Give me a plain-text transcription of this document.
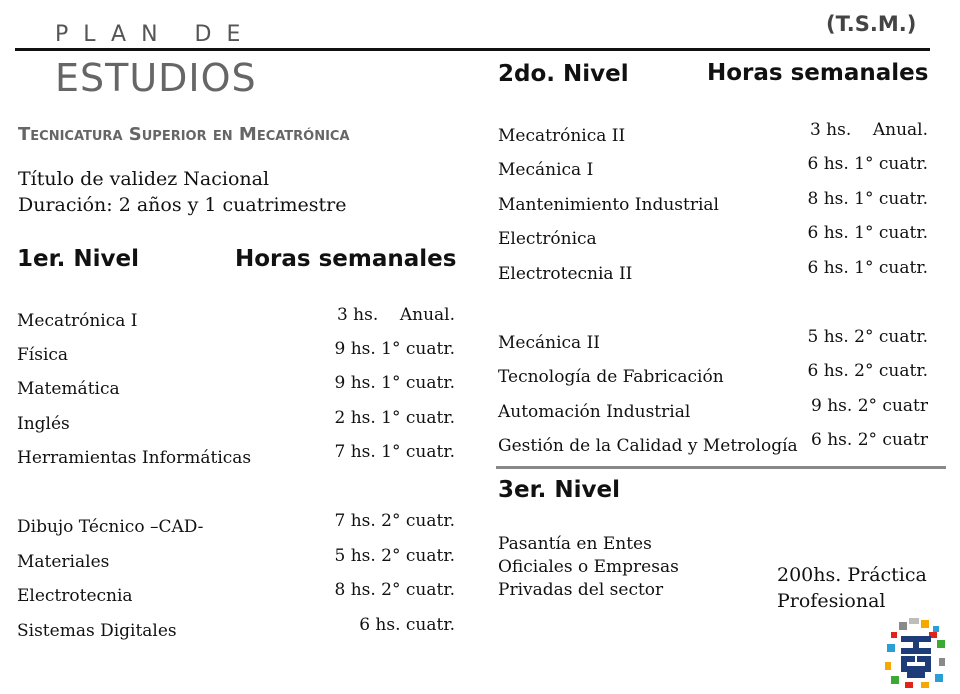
PLAN DE	(T.S.M.)
ESTUDIOS
Tecnicatura Superior en Mecatrónica
Título de validez Nacional
Duración: 2 años y 1 cuatrimestre
1er. Nivel	Horas semanales
Mecatrónica I	3 hs.    Anual.
Física	9 hs. 1° cuatr.
Matemática	9 hs. 1° cuatr.
Inglés	2 hs. 1° cuatr.
Herramientas Informáticas	7 hs. 1° cuatr.
Dibujo Técnico –CAD-	7 hs. 2° cuatr.
Materiales	5 hs. 2° cuatr.
Electrotecnia	8 hs. 2° cuatr.
Sistemas Digitales	6 hs. cuatr.
2do. Nivel	Horas semanales
Mecatrónica II	3 hs.    Anual.
Mecánica I	6 hs. 1° cuatr.
Mantenimiento Industrial	8 hs. 1° cuatr.
Electrónica	6 hs. 1° cuatr.
Electrotecnia II	6 hs. 1° cuatr.
Mecánica II	5 hs. 2° cuatr.
Tecnología de Fabricación	6 hs. 2° cuatr.
Automación Industrial	9 hs. 2° cuatr
Gestión de la Calidad y Metrología 6 hs. 2° cuatr
3er. Nivel
Pasantía en Entes
Oficiales o Empresas
Privadas del sector
200hs. Práctica
Profesional
